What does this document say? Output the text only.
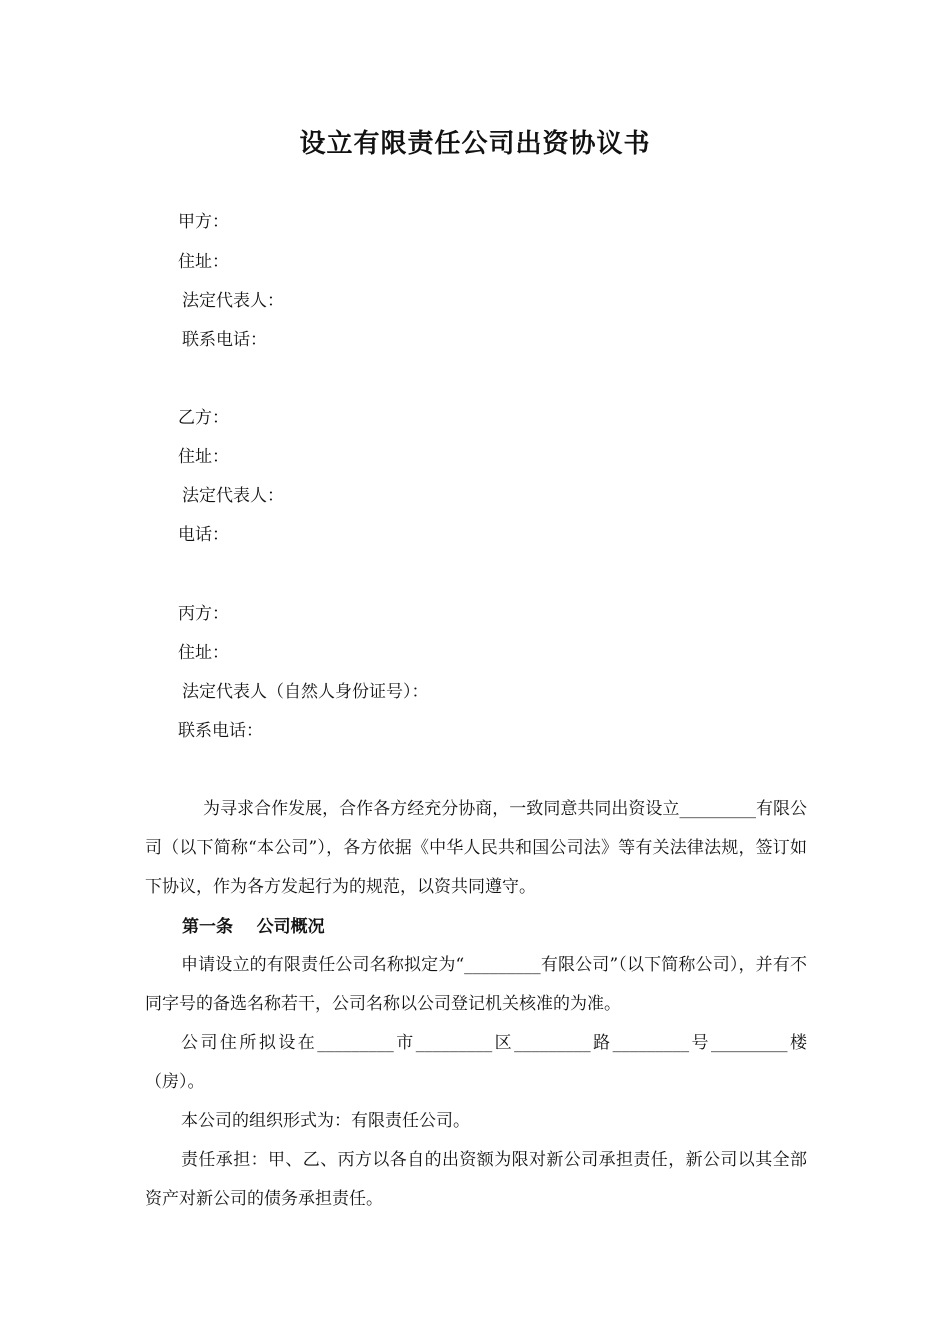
设立有限责任公司出资协议书
甲方：
住址：
法定代表人：
联系电话：
乙方：
住址：
法定代表人：
电话：
丙方：
住址：
法定代表人（自然人身份证号）：
联系电话：
为寻求合作发展，合作各方经充分协商，一致同意共同出资设立_________有限公司（以下简称“本公司”），各方依据《中华人民共和国公司法》等有关法律法规，签订如下协议，作为各方发起行为的规范，以资共同遵守。
第一条    公司概况
申请设立的有限责任公司名称拟定为“_________有限公司”（以下简称公司），并有不同字号的备选名称若干，公司名称以公司登记机关核准的为准。
公司住所拟设在_________市_________区_________路_________号_________楼（房）。
本公司的组织形式为：有限责任公司。
责任承担：甲、乙、丙方以各自的出资额为限对新公司承担责任，新公司以其全部资产对新公司的债务承担责任。
